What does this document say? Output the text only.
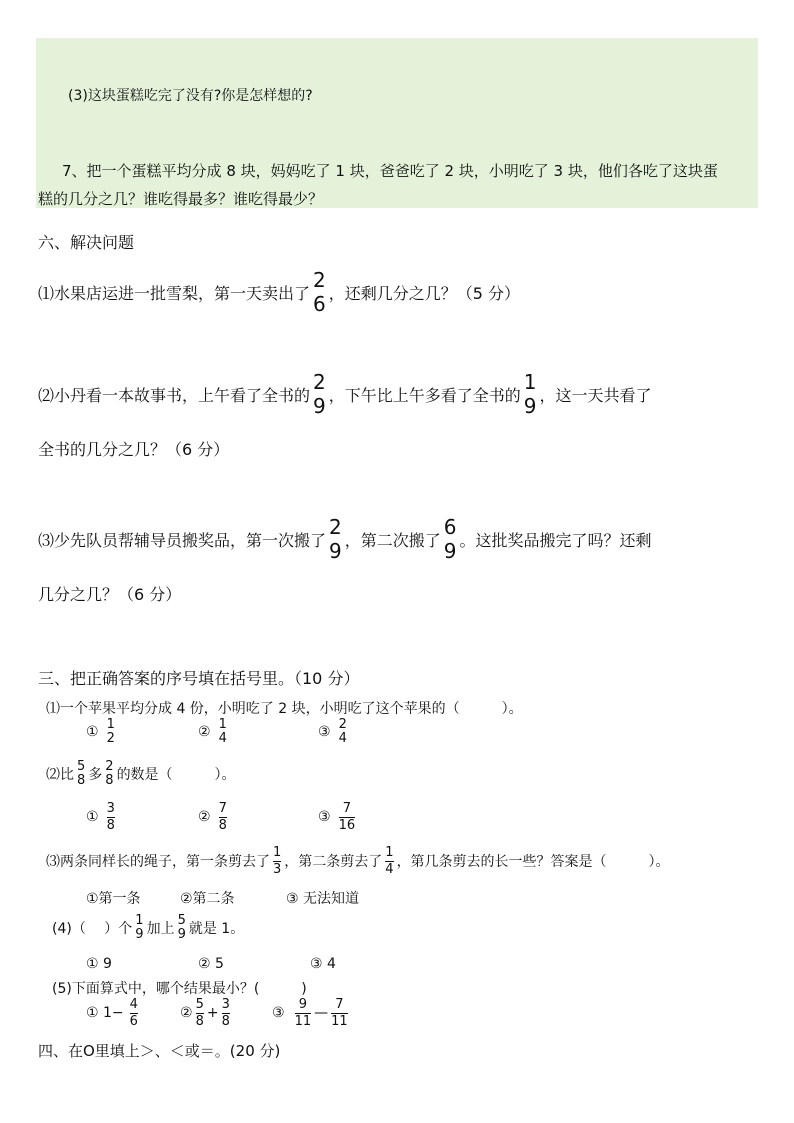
(3)这块蛋糕吃完了没有?你是怎样想的?
7、把一个蛋糕平均分成 8 块，妈妈吃了 1 块，爸爸吃了 2 块，小明吃了 3 块，他们各吃了这块蛋
糕的几分之几？谁吃得最多？谁吃得最少？
六、解决问题
⑴水果店运进一批雪梨，第一天卖出了
2
6 ，还剩几分之几？（5 分）
⑵小丹看一本故事书，上午看了全书的
2
9 ，下午比上午多看了全书的
1
9 ，这一天共看了
全书的几分之几？（6 分）
⑶少先队员帮辅导员搬奖品，第一次搬了
2
9 ，第二次搬了
6
9 。这批奖品搬完了吗？还剩
几分之几？（6 分）
三、把正确答案的序号填在括号里。（10 分）
⑴一个苹果平均分成 4 份，小明吃了 2 块，小明吃了这个苹果的（　　　）。
① 1
2	② 1
4	③ 2
4
⑵比 5
8 多 2
8 的数是（　　　）。
① $\frac{3}{8}$	② $\frac{7}{8}$	③ $\frac{7}{16}$
⑶两条同样长的绳子，第一条剪去了 $\frac{1}{3}$ ，第二条剪去了 $\frac{1}{4}$ ，第几条剪去的长一些？答案是（　　　）。
①第一条	②第二条	③ 无法知道
(4)（　 ）个 1
9 加上 5
9 就是 1。
① 9	② 5	③ 4
(5)下面算式中，哪个结果最小？(　　　)
① $1- \frac{4}{6}$	② $\frac{5}{8} + \frac{3}{8}$	③ $\frac{9}{11}$ — $\frac{7}{11}$
四、在O里填上＞、＜或＝。(20 分)
